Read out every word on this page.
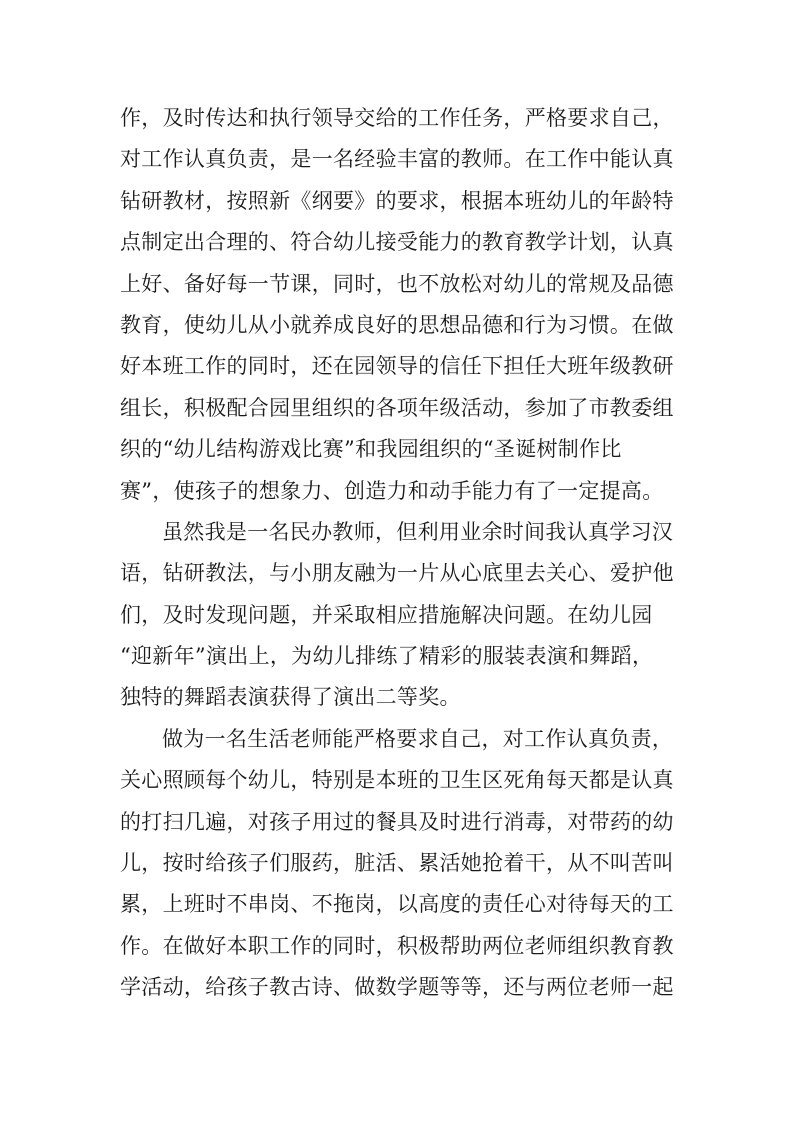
作，及时传达和执行领导交给的工作任务，严格要求自己，
对工作认真负责，是一名经验丰富的教师。在工作中能认真
钻研教材，按照新《纲要》的要求，根据本班幼儿的年龄特
点制定出合理的、符合幼儿接受能力的教育教学计划，认真
上好、备好每一节课，同时，也不放松对幼儿的常规及品德
教育，使幼儿从小就养成良好的思想品德和行为习惯。在做
好本班工作的同时，还在园领导的信任下担任大班年级教研
组长，积极配合园里组织的各项年级活动，参加了市教委组
织的“幼儿结构游戏比赛”和我园组织的“圣诞树制作比
赛”，使孩子的想象力、创造力和动手能力有了一定提高。
虽然我是一名民办教师，但利用业余时间我认真学习汉
语，钻研教法，与小朋友融为一片从心底里去关心、爱护他
们，及时发现问题，并采取相应措施解决问题。在幼儿园
“迎新年”演出上，为幼儿排练了精彩的服装表演和舞蹈，
独特的舞蹈表演获得了演出二等奖。
做为一名生活老师能严格要求自己，对工作认真负责，
关心照顾每个幼儿，特别是本班的卫生区死角每天都是认真
的打扫几遍，对孩子用过的餐具及时进行消毒，对带药的幼
儿，按时给孩子们服药，脏活、累活她抢着干，从不叫苦叫
累，上班时不串岗、不拖岗，以高度的责任心对待每天的工
作。在做好本职工作的同时，积极帮助两位老师组织教育教
学活动，给孩子教古诗、做数学题等等，还与两位老师一起
